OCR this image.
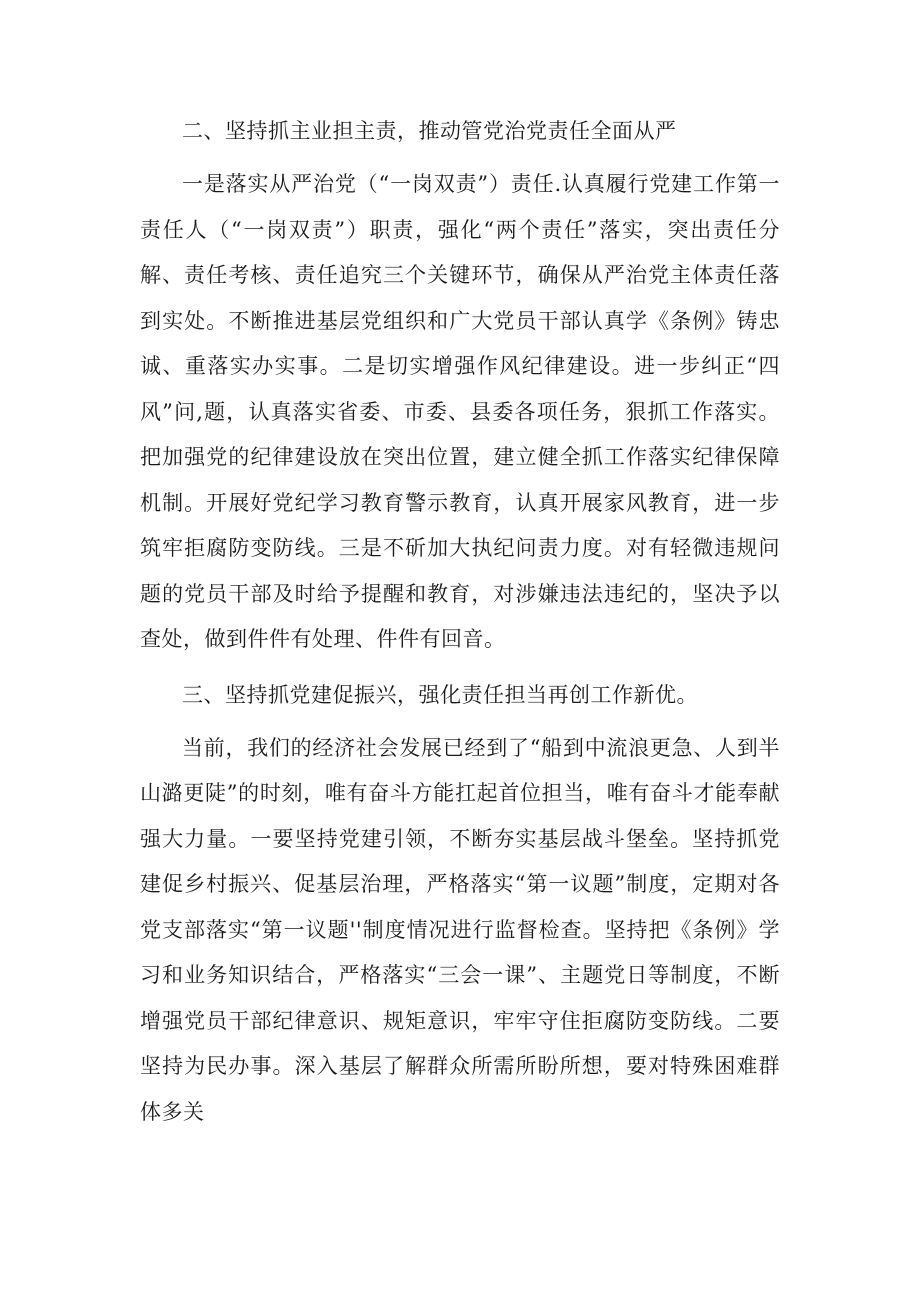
二、坚持抓主业担主责，推动管党治党责任全面从严
一是落实从严治党（“一岗双责”）责任.认真履行党建工作第一责任人（“一岗双责”）职责，强化“两个责任”落实，突出责任分解、责任考核、责任追究三个关键环节，确保从严治党主体责任落到实处。不断推进基层党组织和广大党员干部认真学《条例》铸忠诚、重落实办实事。二是切实增强作风纪律建设。进一步纠正“四风”问,题，认真落实省委、市委、县委各项任务，狠抓工作落实。把加强党的纪律建设放在突出位置，建立健全抓工作落实纪律保障机制。开展好党纪学习教育警示教育，认真开展家风教育，进一步筑牢拒腐防变防线。三是不斫加大执纪问责力度。对有轻微违规问题的党员干部及时给予提醒和教育，对涉嫌违法违纪的，坚决予以查处，做到件件有处理、件件有回音。
三、坚持抓党建促振兴，强化责任担当再创工作新优。
当前，我们的经济社会发展已经到了“船到中流浪更急、人到半山潞更陡”的时刻，唯有奋斗方能扛起首位担当，唯有奋斗才能奉献强大力量。一要坚持党建引领，不断夯实基层战斗堡垒。坚持抓党建促乡村振兴、促基层治理，严格落实“第一议题”制度，定期对各党支部落实“第一议题''制度情况进行监督检查。坚持把《条例》学习和业务知识结合，严格落实“三会一课”、主题党日等制度，不断增强党员干部纪律意识、规矩意识，牢牢守住拒腐防变防线。二要坚持为民办事。深入基层了解群众所需所盼所想，要对特殊困难群体多关
